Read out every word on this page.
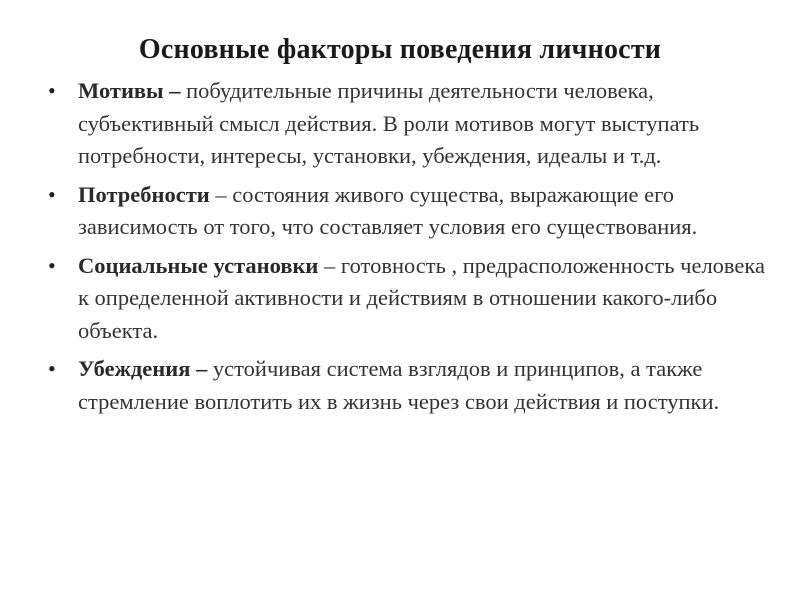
Основные факторы поведения личности
• Мотивы – побудительные причины деятельности человека, субъективный смысл действия. В роли мотивов могут выступать потребности, интересы, установки, убеждения, идеалы и т.д.
• Потребности – состояния живого существа, выражающие его зависимость от того, что составляет условия его существования.
• Социальные установки – готовность , предрасположенность человека к определенной активности и действиям в отношении какого-либо объекта.
• Убеждения – устойчивая система взглядов и принципов, а также стремление воплотить их в жизнь через свои действия и поступки.
